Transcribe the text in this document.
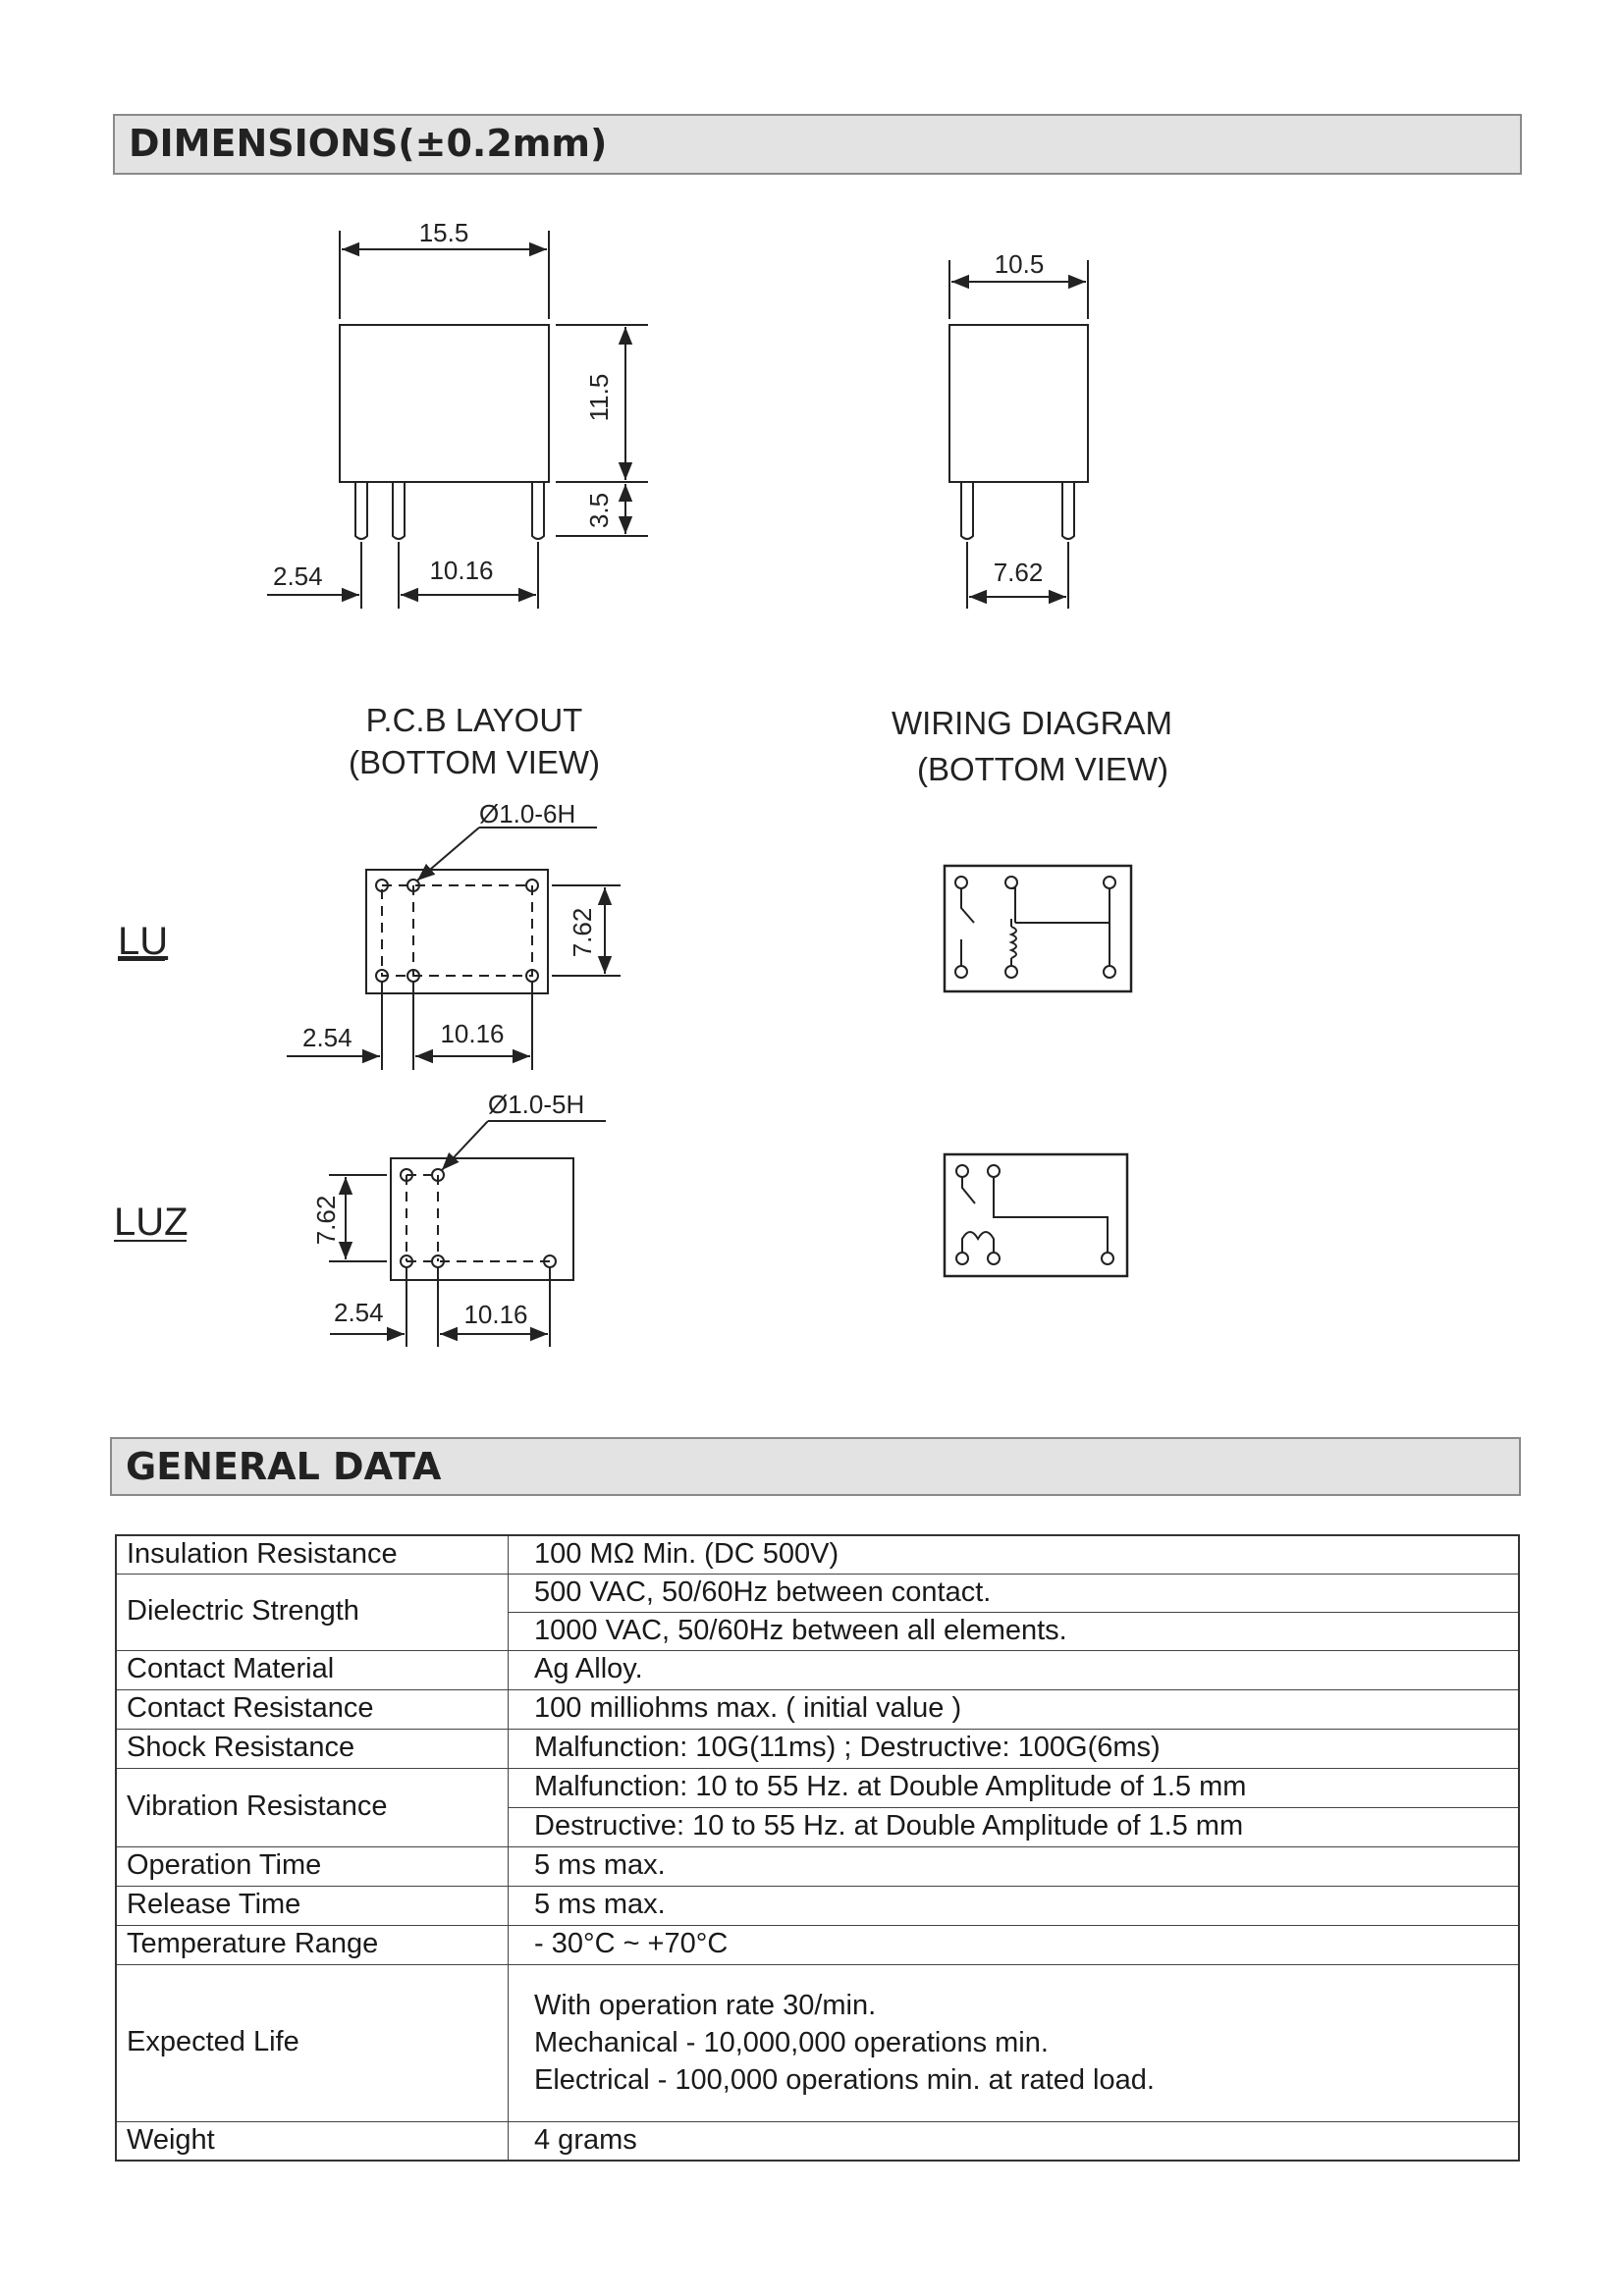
DIMENSIONS(±0.2mm)
15.5
11.5
3.5
2.54	10.16
10.5
7.62
P.C.B LAYOUT
(BOTTOM VIEW)
WIRING DIAGRAM
(BOTTOM VIEW)
Ø1.0-6H
7.62
2.54	10.16
Ø1.0-5H
7.62
2.54	10.16
LU
LUZ
GENERAL DATA
Insulation Resistance	100 MΩ Min. (DC 500V)
Dielectric Strength	500 VAC, 50/60Hz between contact.
	1000 VAC, 50/60Hz between all elements.
Contact Material	Ag Alloy.
Contact Resistance	100 milliohms max. ( initial value )
Shock Resistance	Malfunction: 10G(11ms) ; Destructive: 100G(6ms)
Vibration Resistance	Malfunction: 10 to 55 Hz. at Double Amplitude of 1.5 mm
	Destructive: 10 to 55 Hz. at Double Amplitude of 1.5 mm
Operation Time	5 ms max.
Release Time	5 ms max.
Temperature Range	- 30°C ~ +70°C
Expected Life	With operation rate 30/min.
Mechanical - 10,000,000 operations min.
Electrical - 100,000 operations min. at rated load.

Weight	4 grams
